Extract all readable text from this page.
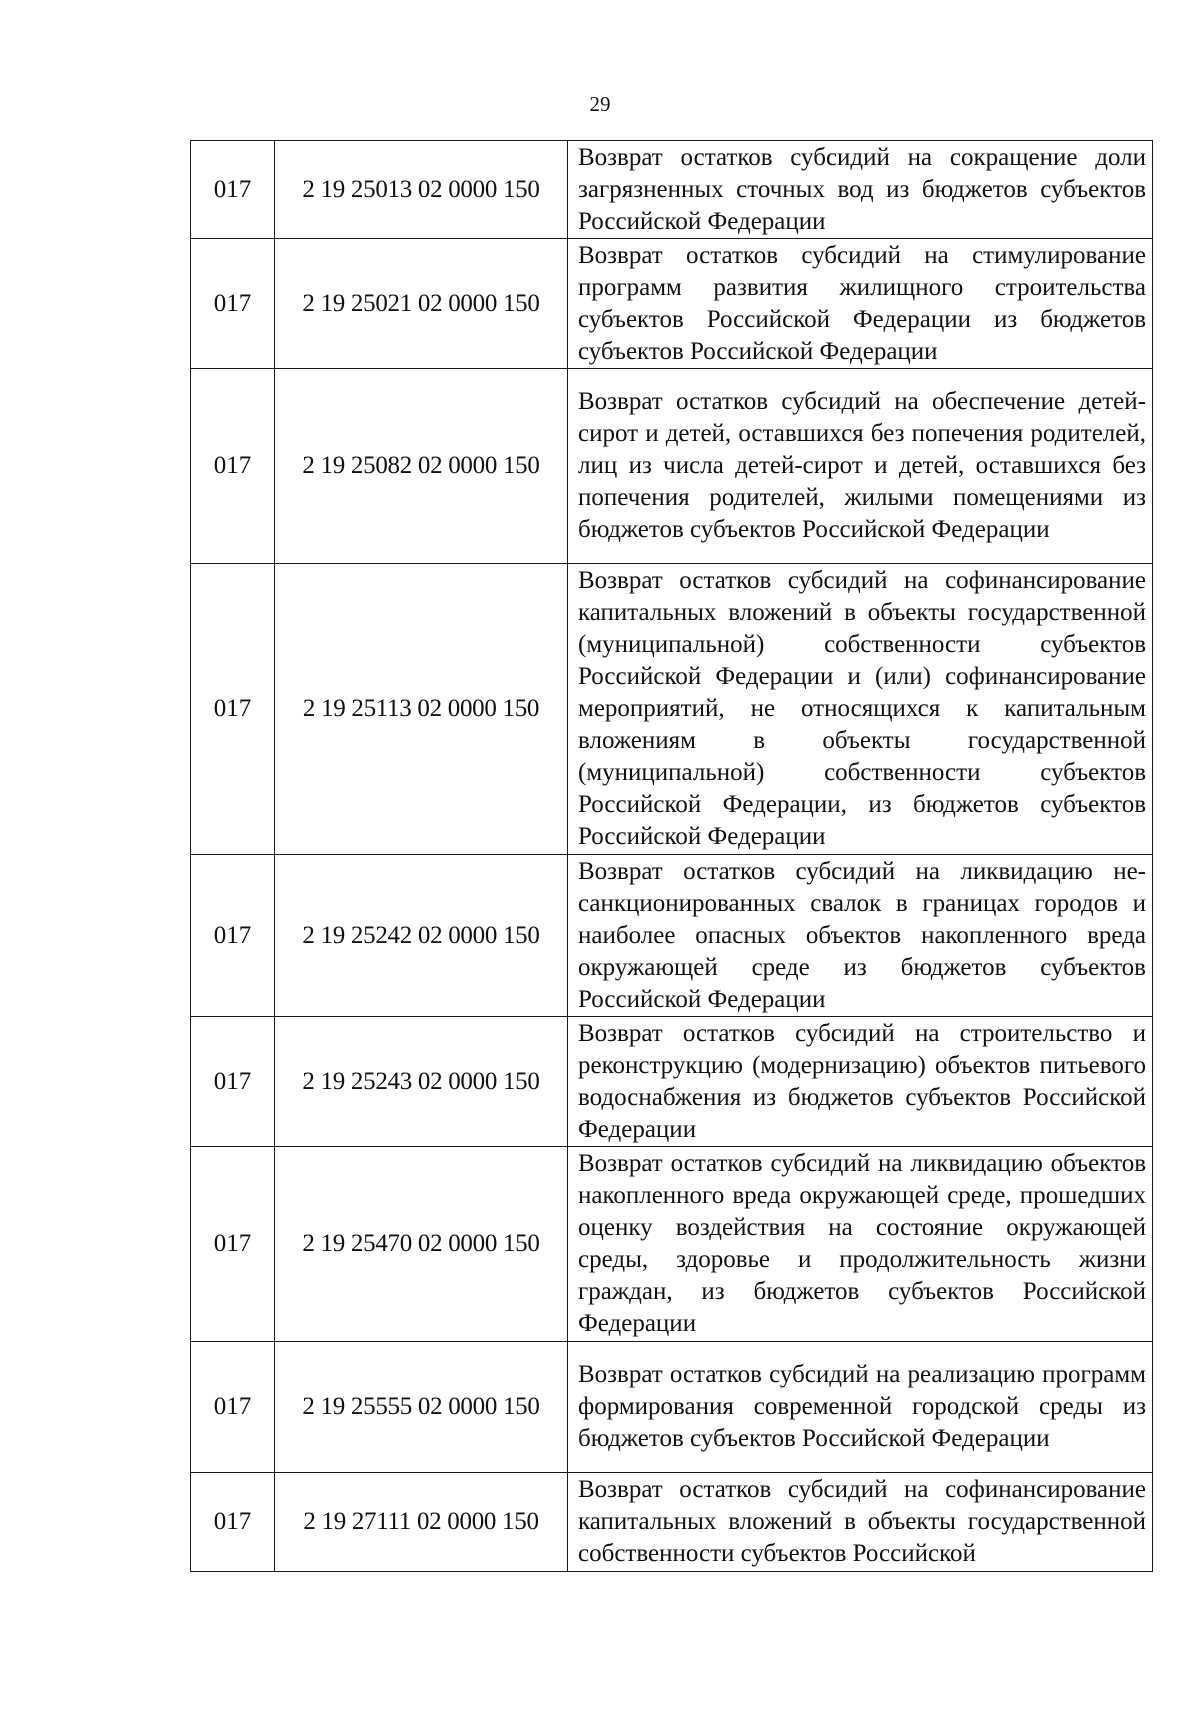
29
017	2 19 25013 02 0000 150	Возврат остатков субсидий на сокращение доли загрязненных сточных вод из бюджетов субъектов Российской Федерации
017	2 19 25021 02 0000 150	Возврат остатков субсидий на стимулирование программ развития жилищного строительства субъектов Российской Федерации из бюджетов субъектов Российской Федерации
017	2 19 25082 02 0000 150	Возврат остатков субсидий на обеспечение детей-сирот и детей, оставшихся без попечения родителей, лиц из числа детей-сирот и детей, оставшихся без попечения родителей, жилыми помещениями из бюджетов субъектов Российской Федерации
017	2 19 25113 02 0000 150	Возврат остатков субсидий на софинансирование капитальных вложений в объекты государственной (муниципальной) собственности субъектов Российской Федерации и (или) софинансирование мероприятий, не относящихся к капитальным вложениям в объекты государственной (муниципальной) собственности субъектов Российской Федерации, из бюджетов субъектов Российской Федерации
017	2 19 25242 02 0000 150	Возврат остатков субсидий на ликвидацию несанкционированных свалок в границах городов и наиболее опасных объектов накопленного вреда окружающей среде из бюджетов субъектов Российской Федерации
017	2 19 25243 02 0000 150	Возврат остатков субсидий на строительство и реконструкцию (модернизацию) объектов питьевого водоснабжения из бюджетов субъектов Российской Федерации
017	2 19 25470 02 0000 150	Возврат остатков субсидий на ликвидацию объектов накопленного вреда окружающей среде, прошедших оценку воздействия на состояние окружающей среды, здоровье и продолжительность жизни граждан, из бюджетов субъектов Российской Федерации
017	2 19 25555 02 0000 150	Возврат остатков субсидий на реализацию программ формирования современной городской среды из бюджетов субъектов Российской Федерации
017	2 19 27111 02 0000 150	Возврат остатков субсидий на софинансирование капитальных вложений в объекты государственной собственности субъектов Российской
